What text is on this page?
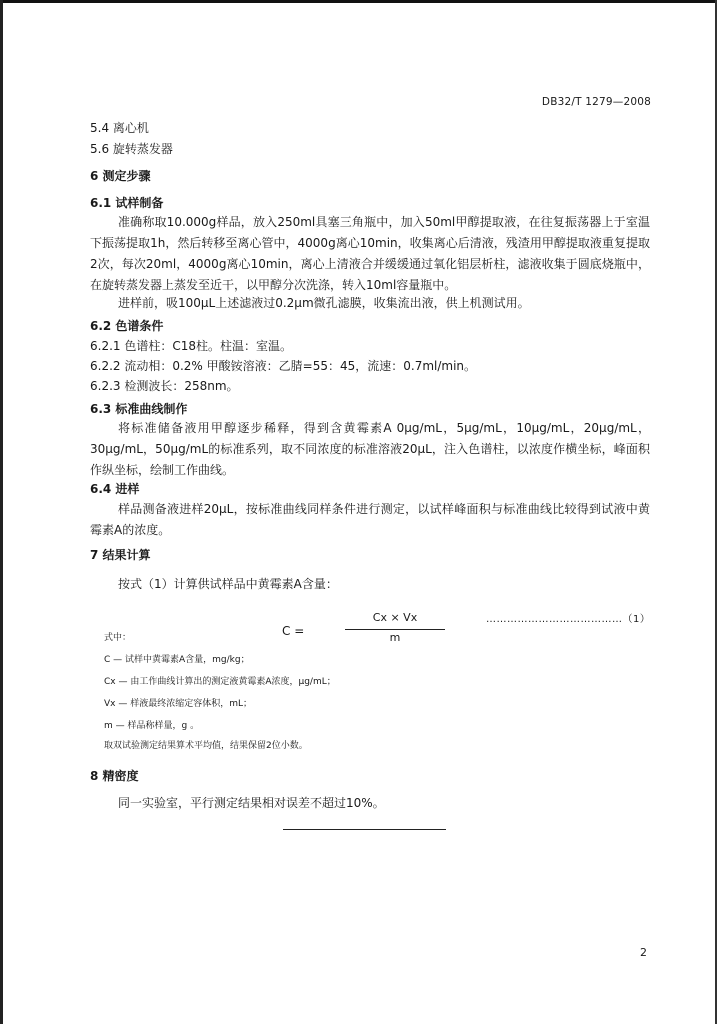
DB32/T 1279—2008
5.4 离心机
5.6 旋转蒸发器
6 测定步骤
6.1 试样制备
准确称取10.000g样品，放入250ml具塞三角瓶中，加入50ml甲醇提取液，在往复振荡器上于室温下振荡提取1h，然后转移至离心管中，4000g离心10min，收集离心后清液，残渣用甲醇提取液重复提取2次，每次20ml，4000g离心10min，离心上清液合并缓缓通过氧化铝层析柱，滤液收集于圆底烧瓶中，在旋转蒸发器上蒸发至近干，以甲醇分次洗涤，转入10ml容量瓶中。
进样前，吸100μL上述滤液过0.2μm微孔滤膜，收集流出液，供上机测试用。
6.2 色谱条件
6.2.1 色谱柱：C18柱。柱温：室温。
6.2.2 流动相：0.2% 甲酸铵溶液：乙腈=55：45，流速：0.7ml/min。
6.2.3 检测波长：258nm。
6.3 标准曲线制作
将标准储备液用甲醇逐步稀释，得到含黄霉素A 0μg/mL，5μg/mL，10μg/mL，20μg/mL，30μg/mL，50μg/mL的标准系列，取不同浓度的标准溶液20μL，注入色谱柱，以浓度作横坐标，峰面积作纵坐标，绘制工作曲线。
6.4 进样
样品测备液进样20μL，按标准曲线同样条件进行测定，以试样峰面积与标准曲线比较得到试液中黄霉素A的浓度。
7 结果计算
按式（1）计算供试样品中黄霉素A含量：
Cx × Vx
m
C =
…………………………………（1）
式中：
C — 试样中黄霉素A含量，mg/kg；
Cx — 由工作曲线计算出的测定液黄霉素A浓度，μg/mL；
Vx — 样液最终浓缩定容体积，mL；
m — 样品称样量，g 。
取双试验测定结果算术平均值，结果保留2位小数。
8 精密度
同一实验室，平行测定结果相对误差不超过10%。
2
